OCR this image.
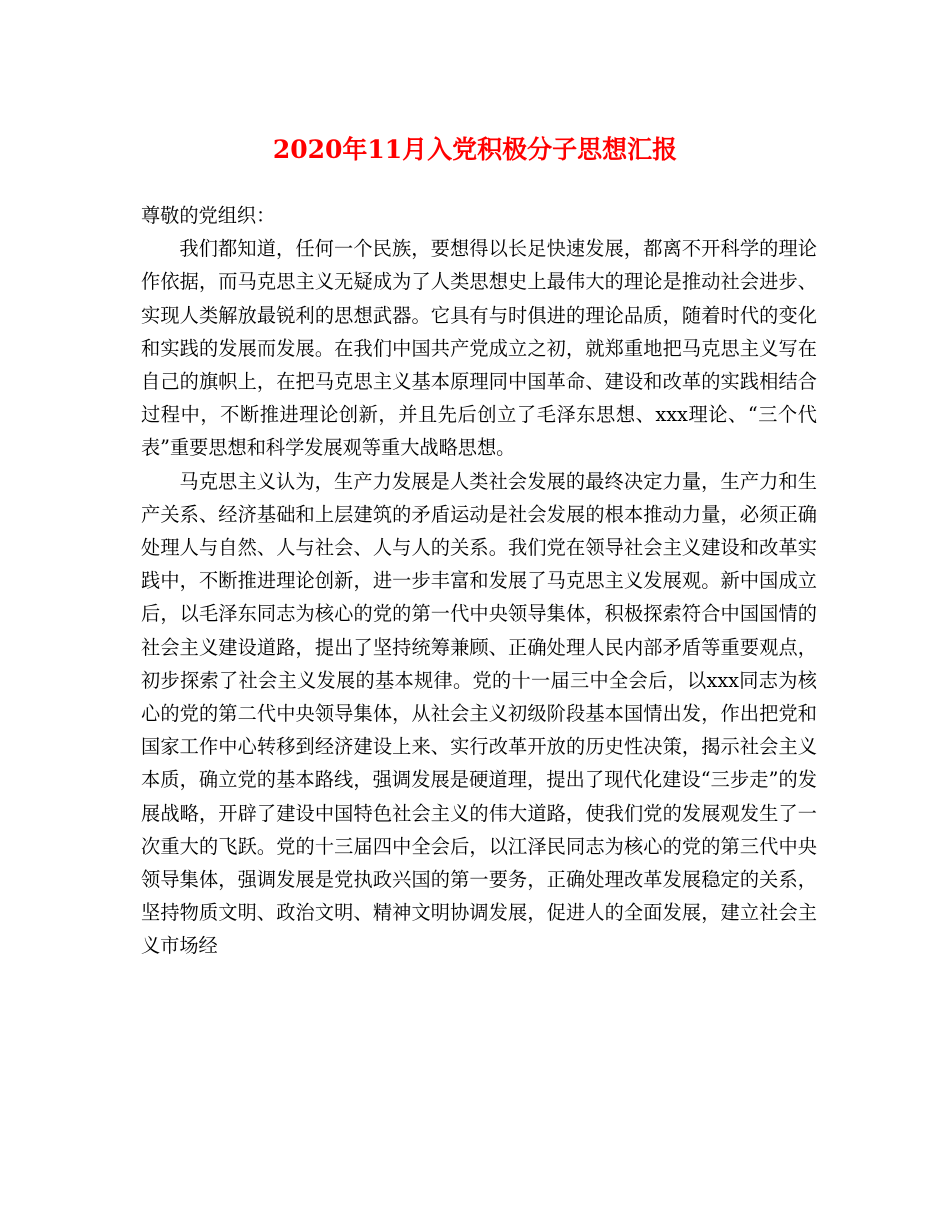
2020年11月入党积极分子思想汇报

尊敬的党组织：

我们都知道，任何一个民族，要想得以长足快速发展，都离不开科学的理论作依据，而马克思主义无疑成为了人类思想史上最伟大的理论是推动社会进步、实现人类解放最锐利的思想武器。它具有与时俱进的理论品质，随着时代的变化和实践的发展而发展。在我们中国共产党成立之初，就郑重地把马克思主义写在自己的旗帜上，在把马克思主义基本原理同中国革命、建设和改革的实践相结合过程中，不断推进理论创新，并且先后创立了毛泽东思想、xxx理论、“三个代表”重要思想和科学发展观等重大战略思想。

马克思主义认为，生产力发展是人类社会发展的最终决定力量，生产力和生产关系、经济基础和上层建筑的矛盾运动是社会发展的根本推动力量，必须正确处理人与自然、人与社会、人与人的关系。我们党在领导社会主义建设和改革实践中，不断推进理论创新，进一步丰富和发展了马克思主义发展观。新中国成立后，以毛泽东同志为核心的党的第一代中央领导集体，积极探索符合中国国情的社会主义建设道路，提出了坚持统筹兼顾、正确处理人民内部矛盾等重要观点，初步探索了社会主义发展的基本规律。党的十一届三中全会后，以xxx同志为核心的党的第二代中央领导集体，从社会主义初级阶段基本国情出发，作出把党和国家工作中心转移到经济建设上来、实行改革开放的历史性决策，揭示社会主义本质，确立党的基本路线，强调发展是硬道理，提出了现代化建设“三步走”的发展战略，开辟了建设中国特色社会主义的伟大道路，使我们党的发展观发生了一次重大的飞跃。党的十三届四中全会后，以江泽民同志为核心的党的第三代中央领导集体，强调发展是党执政兴国的第一要务，正确处理改革发展稳定的关系，坚持物质文明、政治文明、精神文明协调发展，促进人的全面发展，建立社会主义市场经
